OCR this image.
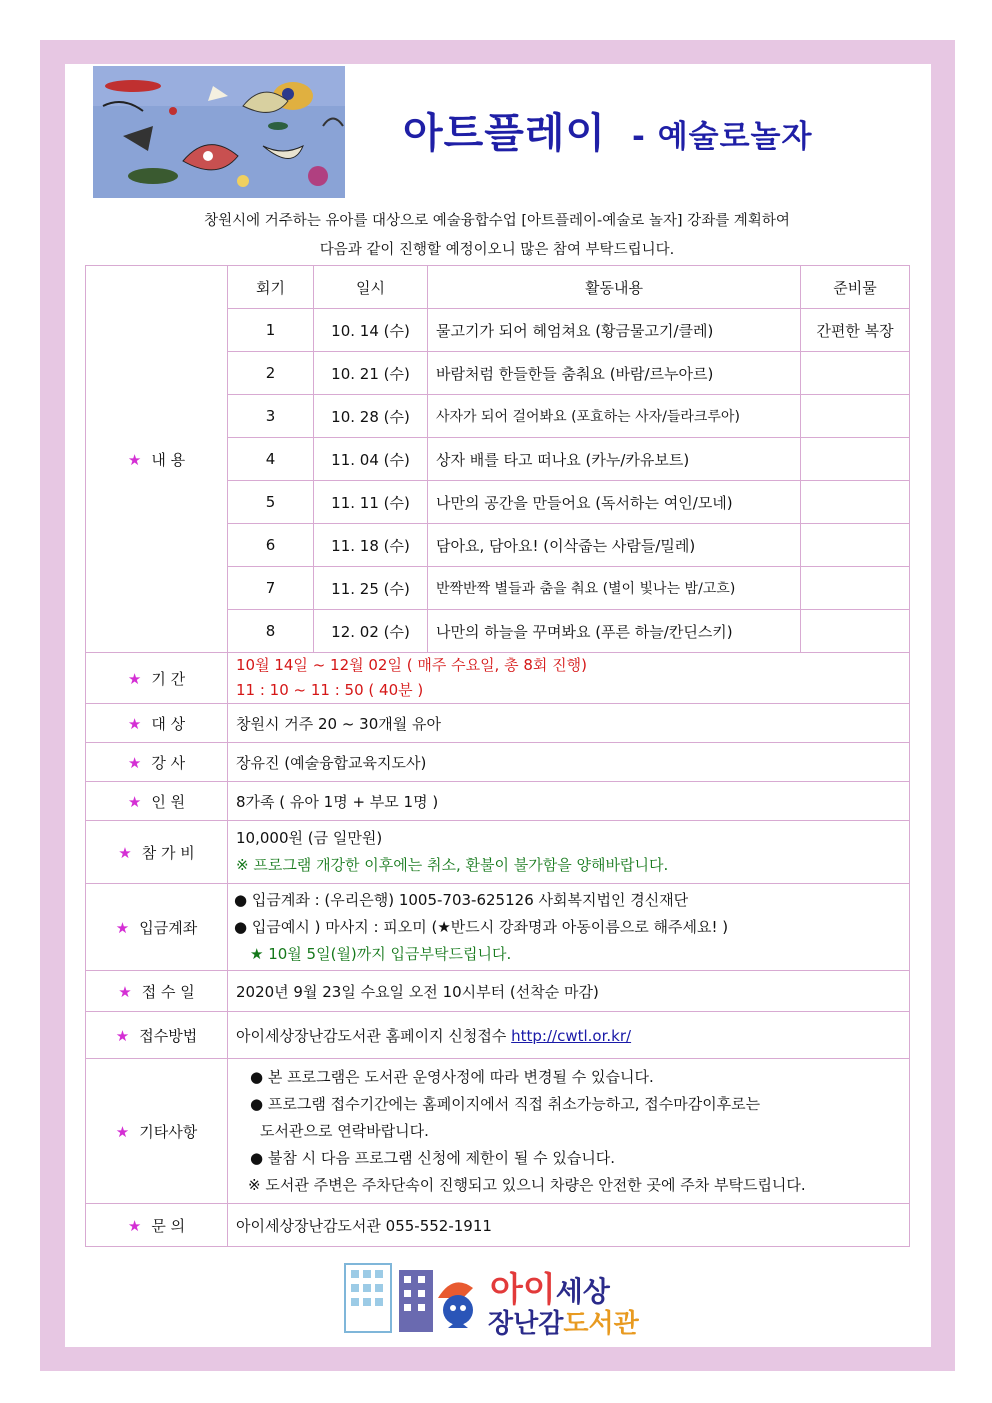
아트플레이 - 예술로놀자
창원시에 거주하는 유아를 대상으로 예술융합수업 [아트플레이-예술로 놀자] 강좌를 계획하여
다음과 같이 진행할 예정이오니 많은 참여 부탁드립니다.
★ 내 용	회기	일시	활동내용	준비물
	1	10. 14 (수)	물고기가 되어 헤엄쳐요 (황금물고기/클레)	간편한 복장
	2	10. 21 (수)	바람처럼 한들한들 춤춰요 (바람/르누아르)	
	3	10. 28 (수)	사자가 되어 걸어봐요 (포효하는 사자/들라크루아)	
	4	11. 04 (수)	상자 배를 타고 떠나요 (카누/카유보트)	
	5	11. 11 (수)	나만의 공간을 만들어요 (독서하는 여인/모네)	
	6	11. 18 (수)	담아요, 담아요! (이삭줍는 사람들/밀레)	
	7	11. 25 (수)	반짝반짝 별들과 춤을 춰요 (별이 빛나는 밤/고흐)	
	8	12. 02 (수)	나만의 하늘을 꾸며봐요 (푸른 하늘/칸딘스키)	
★ 기 간	10월 14일 ~ 12월 02일 ( 매주 수요일, 총 8회 진행)
11 : 10 ~ 11 : 50 ( 40분 )			

★ 대 상	창원시 거주 20 ~ 30개월 유아			
★ 강 사	장유진 (예술융합교육지도사)			
★ 인 원	8가족 ( 유아 1명 + 부모 1명 )			
★ 참 가 비	10,000원 (금 일만원)
※ 프로그램 개강한 이후에는 취소, 환불이 불가함을 양해바랍니다.			

★ 입금계좌	● 입금계좌 : (우리은행) 1005-703-625126 사회복지법인 경신재단
● 입금예시 ) 마사지 : 피오미 (★반드시 강좌명과 아동이름으로 해주세요! )
★ 10월 5일(월)까지 입금부탁드립니다.			

★ 접 수 일	2020년 9월 23일 수요일 오전 10시부터 (선착순 마감)			
★ 접수방법	아이세상장난감도서관 홈페이지 신청접수 http://cwtl.or.kr/			
★ 기타사항	● 본 프로그램은 도서관 운영사정에 따라 변경될 수 있습니다.
● 프로그램 접수기간에는 홈페이지에서 직접 취소가능하고, 접수마감이후로는
도서관으로 연락바랍니다.
● 불참 시 다음 프로그램 신청에 제한이 될 수 있습니다.
※ 도서관 주변은 주차단속이 진행되고 있으니 차량은 안전한 곳에 주차 부탁드립니다.			

★ 문 의	아이세상장난감도서관 055-552-1911			
아이세상
장난감도서관
